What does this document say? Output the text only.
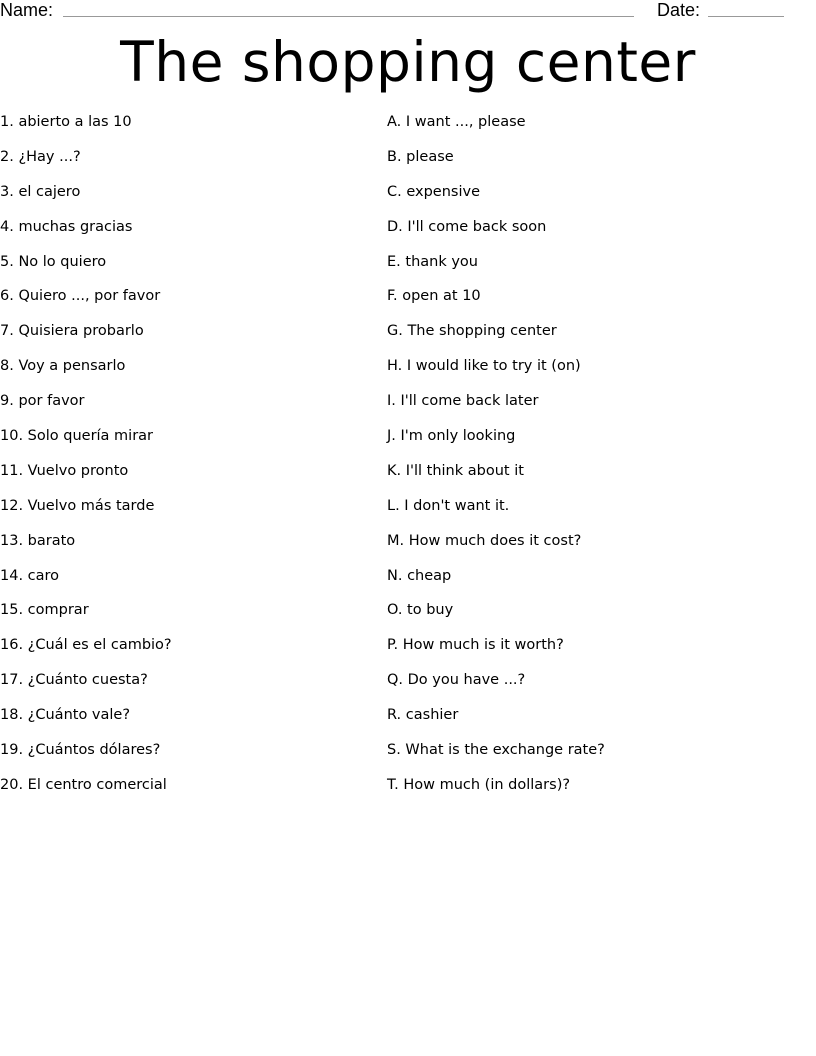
Name:	Date:
The shopping center
1. abierto a las 10
2. ¿Hay ...?
3. el cajero
4. muchas gracias
5. No lo quiero
6. Quiero ..., por favor
7. Quisiera probarlo
8. Voy a pensarlo
9. por favor
10. Solo quería mirar
11. Vuelvo pronto
12. Vuelvo más tarde
13. barato
14. caro
15. comprar
16. ¿Cuál es el cambio?
17. ¿Cuánto cuesta?
18. ¿Cuánto vale?
19. ¿Cuántos dólares?
20. El centro comercial
A. I want ..., please
B. please
C. expensive
D. I'll come back soon
E. thank you
F. open at 10
G. The shopping center
H. I would like to try it (on)
I. I'll come back later
J. I'm only looking
K. I'll think about it
L. I don't want it.
M. How much does it cost?
N. cheap
O. to buy
P. How much is it worth?
Q. Do you have ...?
R. cashier
S. What is the exchange rate?
T. How much (in dollars)?
